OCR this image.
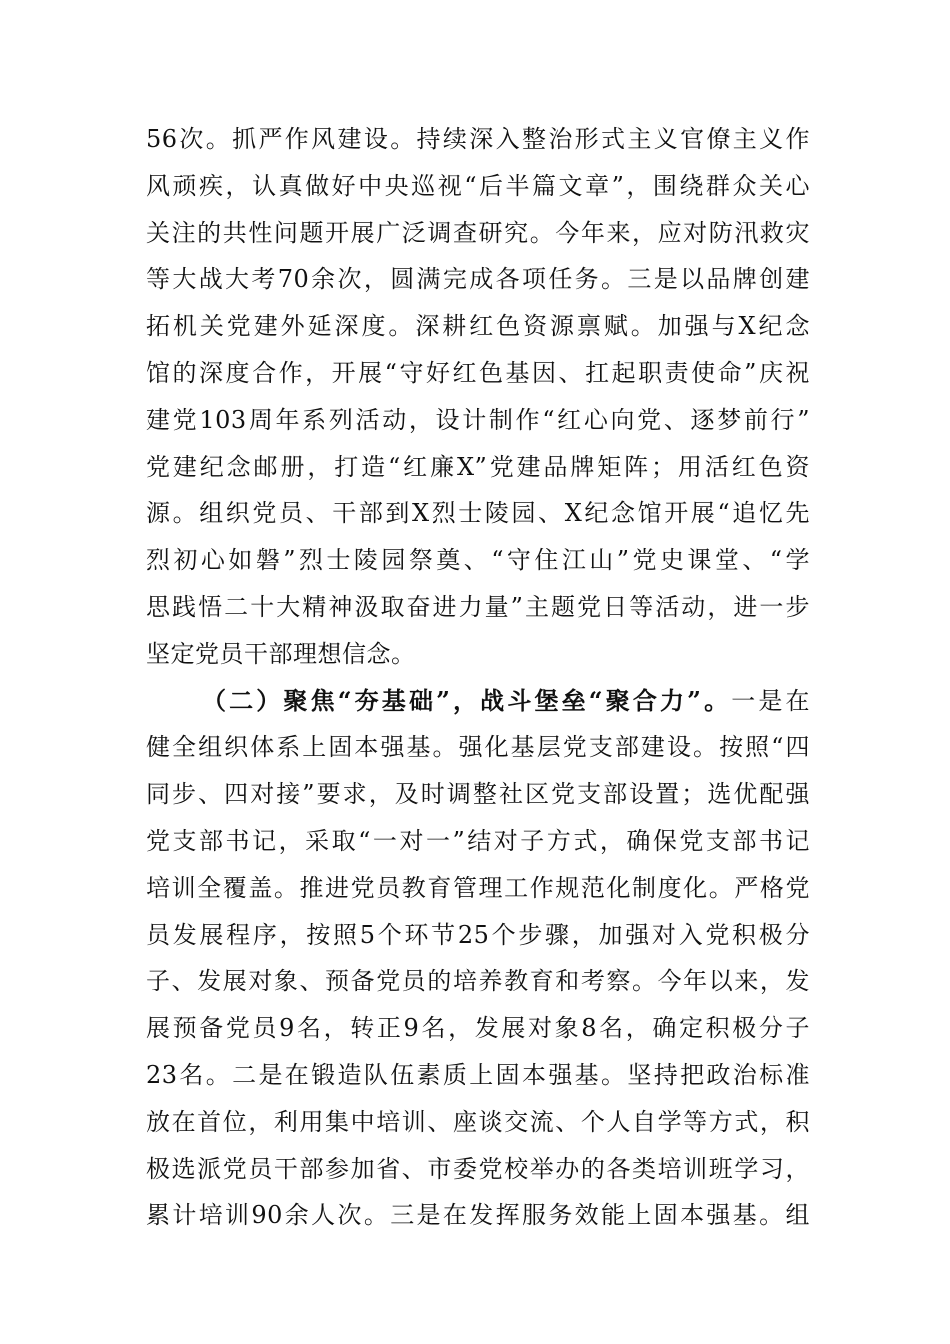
56次。抓严作风建设。持续深入整治形式主义官僚主义作
风顽疾，认真做好中央巡视“后半篇文章”，围绕群众关心
关注的共性问题开展广泛调查研究。今年来，应对防汛救灾
等大战大考70余次，圆满完成各项任务。三是以品牌创建
拓机关党建外延深度。深耕红色资源禀赋。加强与X纪念
馆的深度合作，开展“守好红色基因、扛起职责使命”庆祝
建党103周年系列活动，设计制作“红心向党、逐梦前行”
党建纪念邮册，打造“红廉X”党建品牌矩阵；用活红色资
源。组织党员、干部到X烈士陵园、X纪念馆开展“追忆先
烈初心如磐”烈士陵园祭奠、“守住江山”党史课堂、“学
思践悟二十大精神汲取奋进力量”主题党日等活动，进一步
坚定党员干部理想信念。
（二）聚焦“夯基础”，战斗堡垒“聚合力”。一是在
健全组织体系上固本强基。强化基层党支部建设。按照“四
同步、四对接”要求，及时调整社区党支部设置；选优配强
党支部书记，采取“一对一”结对子方式，确保党支部书记
培训全覆盖。推进党员教育管理工作规范化制度化。严格党
员发展程序，按照5个环节25个步骤，加强对入党积极分
子、发展对象、预备党员的培养教育和考察。今年以来，发
展预备党员9名，转正9名，发展对象8名，确定积极分子
23名。二是在锻造队伍素质上固本强基。坚持把政治标准
放在首位，利用集中培训、座谈交流、个人自学等方式，积
极选派党员干部参加省、市委党校举办的各类培训班学习，
累计培训90余人次。三是在发挥服务效能上固本强基。组
